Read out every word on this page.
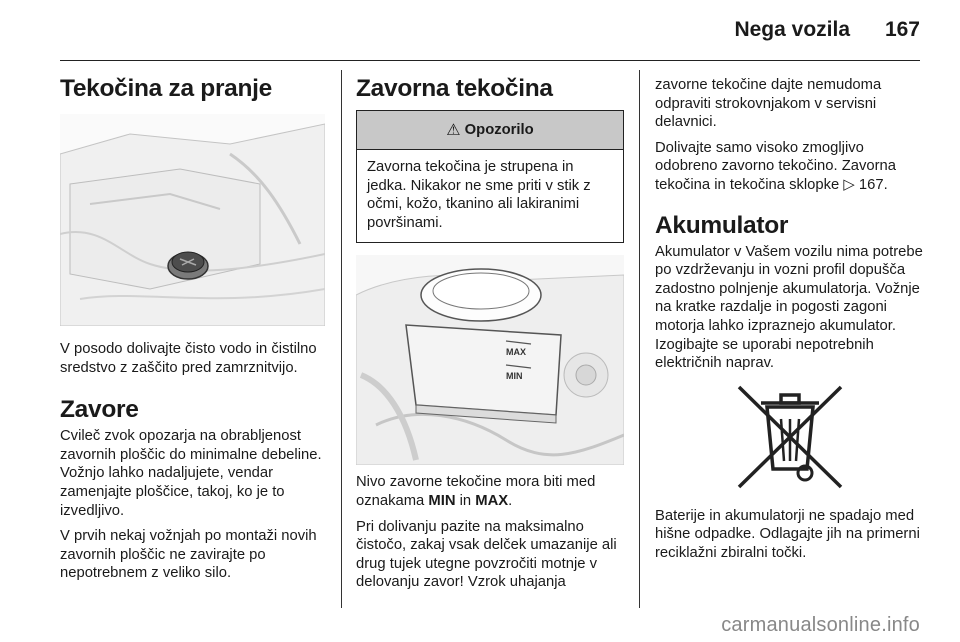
Nega vozila 167
Tekočina za pranje

V posodo dolivajte čisto vodo in čistilno sredstvo z zaščito pred zamrznitvijo.

Zavore

Cvileč zvok opozarja na obrabljenost zavornih ploščic do minimalne debeline. Vožnjo lahko nadaljujete, vendar zamenjajte ploščice, takoj, ko je to izvedljivo.

V prvih nekaj vožnjah po montaži novih zavornih ploščic ne zavirajte po nepotrebnem z veliko silo.

Zavorna tekočina
⚠ Opozorilo
Zavorna tekočina je strupena in jedka. Nikakor ne sme priti v stik z očmi, kožo, tkanino ali lakiranimi površinami.
MAX
MIN

Nivo zavorne tekočine mora biti med oznakama MIN in MAX.

Pri dolivanju pazite na maksimalno čistočo, zakaj vsak delček umazanije ali drug tujek utegne povzročiti motnje v delovanju zavor! Vzrok uhajanja

zavorne tekočine dajte nemudoma odpraviti strokovnjakom v servisni delavnici.

Dolivajte samo visoko zmogljivo odobreno zavorno tekočino. Zavorna tekočina in tekočina sklopke ▷ 167.

Akumulator

Akumulator v Vašem vozilu nima potrebe po vzdrževanju in vozni profil dopušča zadostno polnjenje akumulatorja. Vožnje na kratke razdalje in pogosti zagoni motorja lahko izpraznejo akumulator. Izogibajte se uporabi nepotrebnih električnih naprav.

Baterije in akumulatorji ne spadajo med hišne odpadke. Odlagajte jih na primerni reciklažni zbiralni točki.

carmanualsonline.info
